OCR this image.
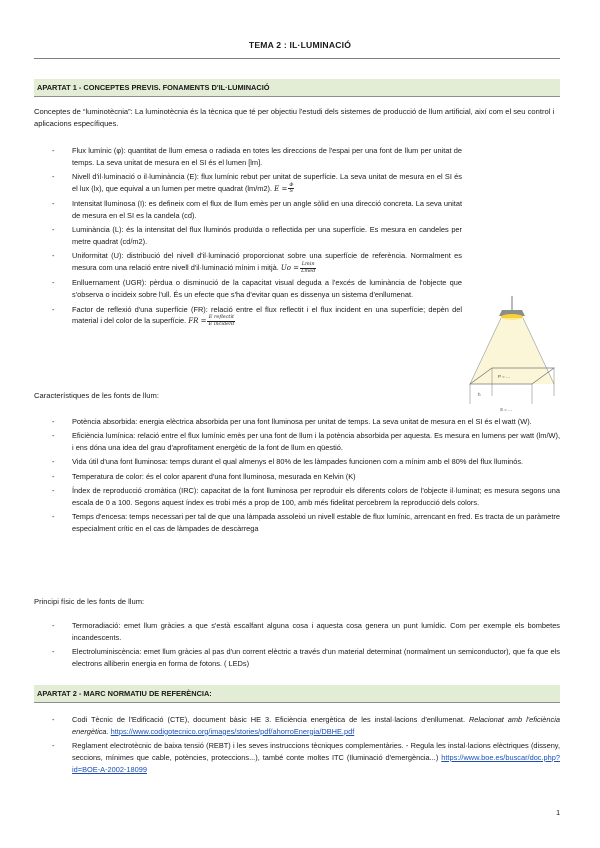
TEMA 2 : IL·LUMINACIÓ
APARTAT 1 - CONCEPTES PREVIS. FONAMENTS D'IL·LUMINACIÓ
Conceptes de “luminotècnia”: La luminotècnia és la tècnica que té per objectiu l'estudi dels sistemes de producció de llum artificial, així com el seu control i aplicacions específiques.
- Flux lumínic (φ): quantitat de llum emesa o radiada en totes les direccions de l'espai per una font de llum per unitat de temps. La seva unitat de mesura en el SI és el lumen [lm].
- Nivell d'il·luminació o il·luminància (E): flux lumínic rebut per unitat de superfície. La seva unitat de mesura en el SI és el lux (lx), que equival a un lumen per metre quadrat (lm/m2). $E = \frac{\Phi}{S}$
- Intensitat lluminosa (I): es defineix com el flux de llum emès per un angle sòlid en una direcció concreta. La seva unitat de mesura en el SI es la candela (cd).
- Luminància (L): és la intensitat del flux lluminós produïda o reflectida per una superfície. Es mesura en candeles per metre quadrat (cd/m2).
- Uniformitat (U): distribució del nivell d'il·luminació proporcionat sobre una superfície de referència. Normalment es mesura com una relació entre nivell d'il·luminació mínim i mitjà. $Uo = \frac{Lmin}{\text{Lmed}}$
- Enlluernament (UGR): pèrdua o disminució de la capacitat visual deguda a l'excés de luminància de l'objecte que s'observa o incideix sobre l'ull. És un efecte que s'ha d'evitar quan es dissenya un sistema d'enllumenat.
- Factor de reflexió d'una superfície (FR): relació entre el flux reflectit i el flux incident en una superfície; depèn del material i del color de la superfície. FR = $\frac{\text{E reflectit}}{\text{E incident}}$
P = ...
h
S = ...
Característiques de les fonts de llum:
- Potència absorbida: energia elèctrica absorbida per una font lluminosa per unitat de temps. La seva unitat de mesura en el SI és el watt (W).
- Eficiència lumínica: relació entre el flux lumínic emès per una font de llum i la potència absorbida per aquesta. Es mesura en lumens per watt (lm/W), i ens dóna una idea del grau d'aprofitament energètic de la font de llum en qüestió.
- Vida útil d'una font lluminosa: temps durant el qual almenys el 80% de les làmpades funcionen com a mínim amb el 80% del flux lluminós.
- Temperatura de color: és el color aparent d'una font lluminosa, mesurada en Kelvin (K)
- Índex de reproducció cromàtica (IRC): capacitat de la font lluminosa per reproduir els diferents colors de l'objecte il·luminat; es mesura segons una escala de 0 a 100. Segons aquest índex es trobi més a prop de 100, amb més fidelitat percebrem la reproducció dels colors.
- Temps d'encesa: temps necessari per tal de que una làmpada assoleixi un nivell estable de flux lumínic, arrencant en fred. Es tracta de un paràmetre especialment crític en el cas de làmpades de descàrrega
Principi físic de les fonts de llum:
- Termoradiació: emet llum gràcies a que s'està escalfant alguna cosa i aquesta cosa genera un punt lumídic. Com per exemple els bombetes incandescents.
- Electroluminiscència: emet llum gràcies al pas d'un corrent elèctric a través d'un material determinat (normalment un semiconductor), que fa que els electrons alliberin energia en forma de fotons. ( LEDs)
APARTAT 2 - MARC NORMATIU DE REFERÈNCIA:
- Codi Tècnic de l'Edificació (CTE), document bàsic HE 3. Eficiència energètica de les instal·lacions d'enllumenat. Relacionat amb l'eficiència energètica. https://www.codigotecnico.org/images/stories/pdf/ahorroEnergia/DBHE.pdf
- Reglament electrotècnic de baixa tensió (REBT) i les seves instruccions tècniques complementàries. - Regula les instal·lacions elèctriques (disseny, seccions, mínimes que cable, potències, proteccions...), també conte moltes ITC (Iluminació d'emergència...) https://www.boe.es/buscar/doc.php?id=BOE-A-2002-18099
1
